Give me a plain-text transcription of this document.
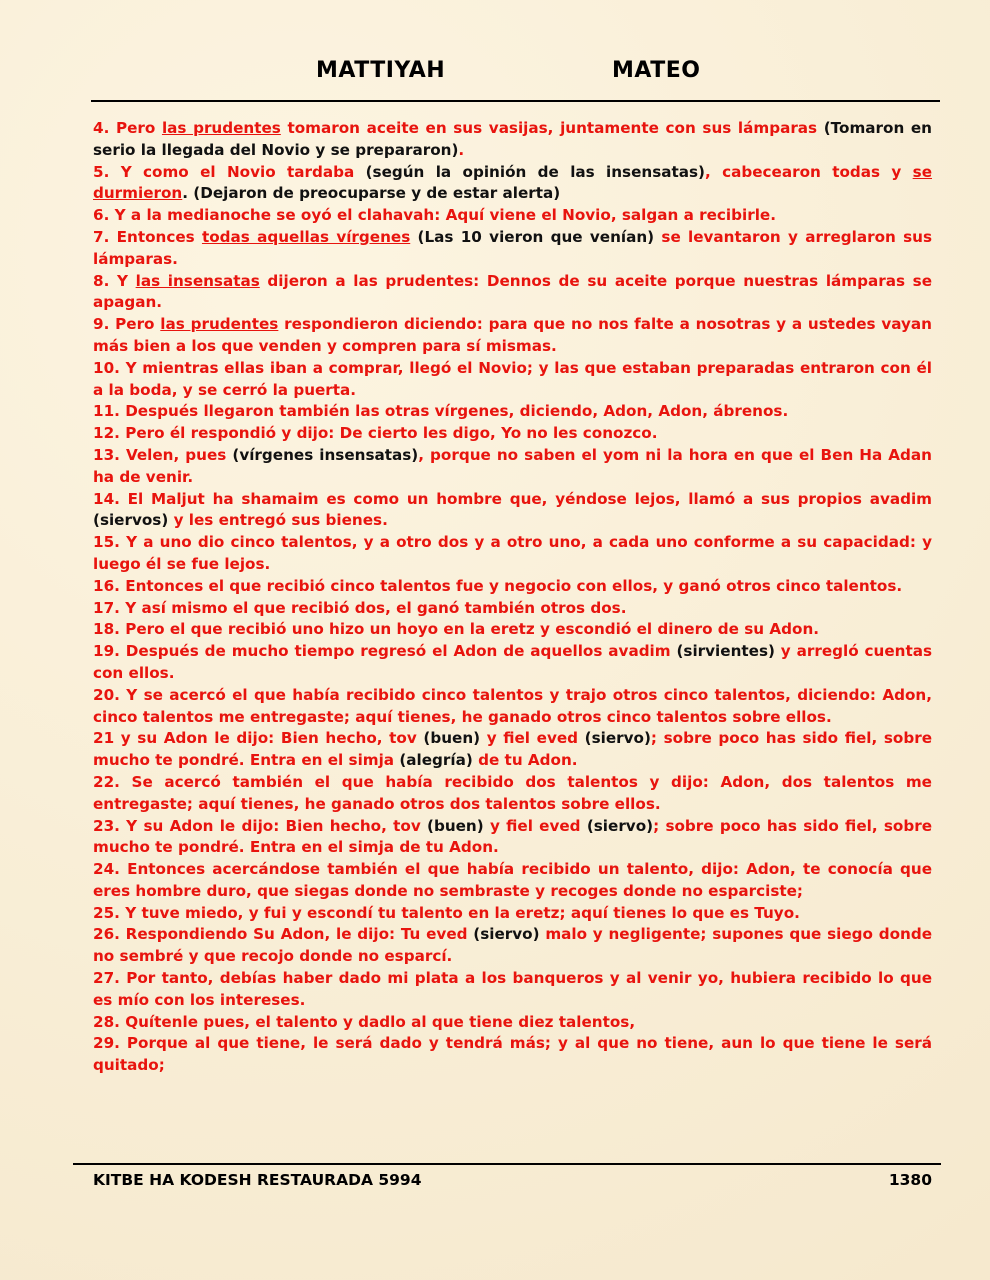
MATTIYAH	MATEO

4. Pero las prudentes tomaron aceite en sus vasijas, juntamente con sus lámparas (Tomaron en serio la llegada del Novio y se prepararon).

5. Y como el Novio tardaba (según la opinión de las insensatas), cabecearon todas y se durmieron. (Dejaron de preocuparse y de estar alerta)

6. Y a la medianoche se oyó el clahavah: Aquí viene el Novio, salgan a recibirle.

7. Entonces todas aquellas vírgenes (Las 10 vieron que venían) se levantaron y arreglaron sus lámparas.

8. Y las insensatas dijeron a las prudentes: Dennos de su aceite porque nuestras lámparas se apagan.

9. Pero las prudentes respondieron diciendo: para que no nos falte a nosotras y a ustedes vayan más bien a los que venden y compren para sí mismas.

10. Y mientras ellas iban a comprar, llegó el Novio; y las que estaban preparadas entraron con él a la boda, y se cerró la puerta.

11. Después llegaron también las otras vírgenes, diciendo, Adon, Adon, ábrenos.

12. Pero él respondió y dijo: De cierto les digo, Yo no les conozco.

13. Velen, pues (vírgenes insensatas), porque no saben el yom ni la hora en que el Ben Ha Adan ha de venir.

14. El Maljut ha shamaim es como un hombre que, yéndose lejos, llamó a sus propios avadim (siervos) y les entregó sus bienes.

15. Y a uno dio cinco talentos, y a otro dos y a otro uno, a cada uno conforme a su capacidad: y luego él se fue lejos.

16. Entonces el que recibió cinco talentos fue y negocio con ellos, y ganó otros cinco talentos.

17. Y así mismo el que recibió dos, el ganó también otros dos.

18. Pero el que recibió uno hizo un hoyo en la eretz y escondió el dinero de su Adon.

19. Después de mucho tiempo regresó el Adon de aquellos avadim (sirvientes) y arregló cuentas con ellos.

20. Y se acercó el que había recibido cinco talentos y trajo otros cinco talentos, diciendo: Adon, cinco talentos me entregaste; aquí tienes, he ganado otros cinco talentos sobre ellos.

21 y su Adon le dijo: Bien hecho, tov (buen) y fiel eved (siervo); sobre poco has sido fiel, sobre mucho te pondré. Entra en el simja (alegría) de tu Adon.

22. Se acercó también el que había recibido dos talentos y dijo: Adon, dos talentos me entregaste; aquí tienes, he ganado otros dos talentos sobre ellos.

23. Y su Adon le dijo: Bien hecho, tov (buen) y fiel eved (siervo); sobre poco has sido fiel, sobre mucho te pondré. Entra en el simja de tu Adon.

24. Entonces acercándose también el que había recibido un talento, dijo: Adon, te conocía que eres hombre duro, que siegas donde no sembraste y recoges donde no esparciste;

25. Y tuve miedo, y fui y escondí tu talento en la eretz; aquí tienes lo que es Tuyo.

26. Respondiendo Su Adon, le dijo: Tu eved (siervo) malo y negligente; supones que siego donde no sembré y que recojo donde no esparcí.

27. Por tanto, debías haber dado mi plata a los banqueros y al venir yo, hubiera recibido lo que es mío con los intereses.

28. Quítenle pues, el talento y dadlo al que tiene diez talentos,

29. Porque al que tiene, le será dado y tendrá más; y al que no tiene, aun lo que tiene le será quitado;

KITBE HA KODESH RESTAURADA 5994	1380
